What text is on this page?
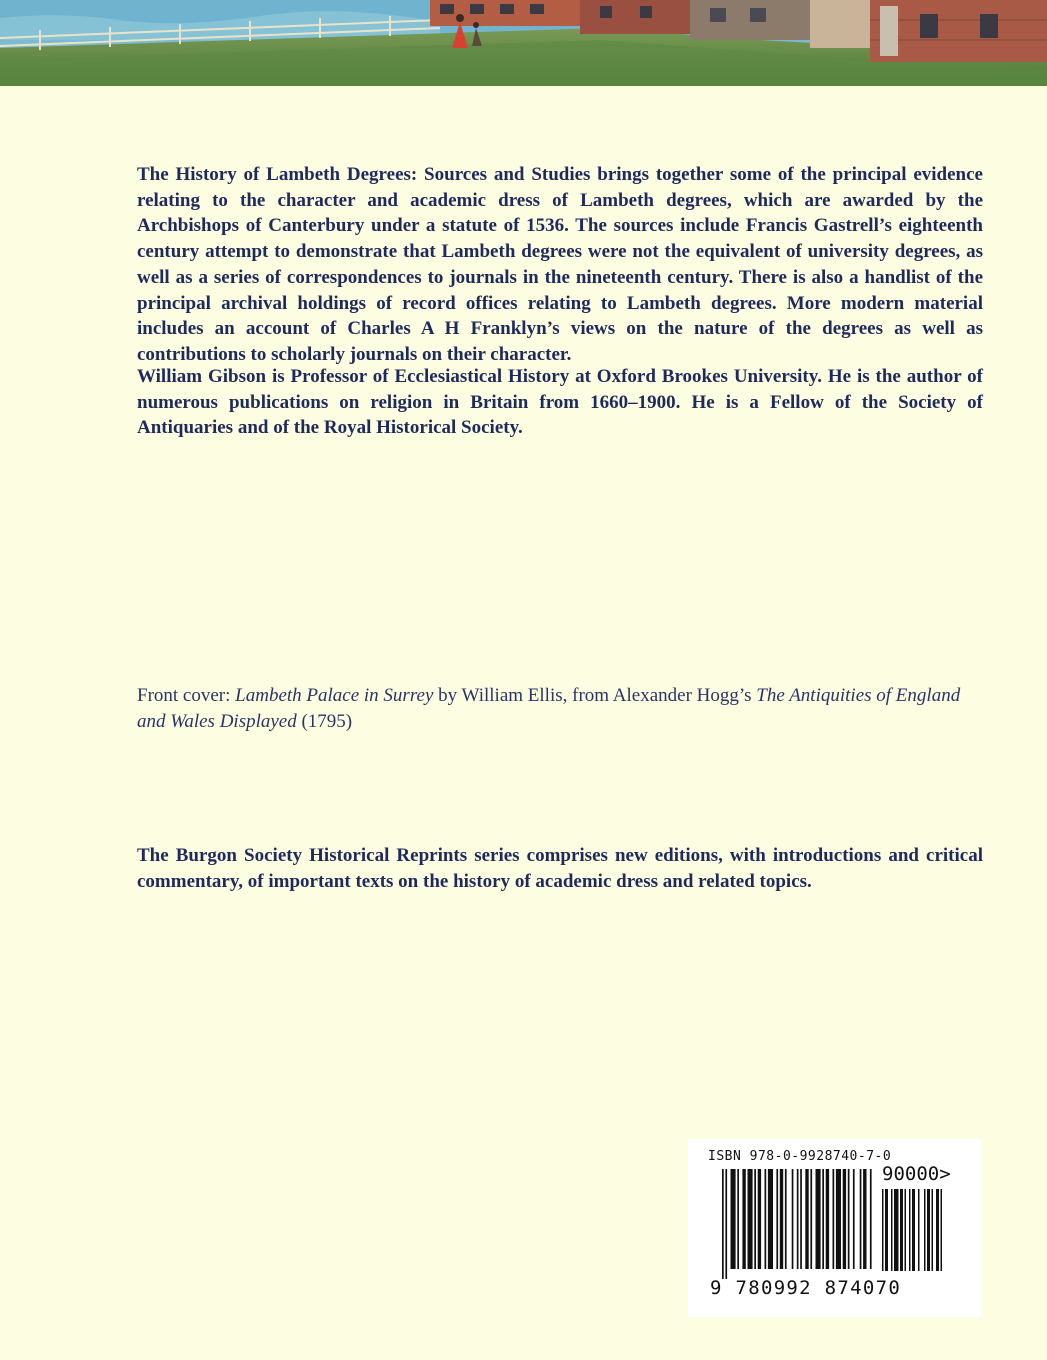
The History of Lambeth Degrees: Sources and Studies brings together some of the principal evidence relating to the character and academic dress of Lambeth degrees, which are awarded by the Archbishops of Canterbury under a statute of 1536. The sources include Francis Gastrell’s eighteenth century attempt to demonstrate that Lambeth degrees were not the equivalent of university degrees, as well as a series of correspondences to journals in the nineteenth century. There is also a handlist of the principal archival holdings of record offices relating to Lambeth degrees. More modern material includes an account of Charles A H Franklyn’s views on the nature of the degrees as well as contributions to scholarly journals on their character.

William Gibson is Professor of Ecclesiastical History at Oxford Brookes University. He is the author of numerous publications on religion in Britain from 1660–1900. He is a Fellow of the Society of Antiquaries and of the Royal Historical Society.

Front cover: Lambeth Palace in Surrey by William Ellis, from Alexander Hogg’s The Antiquities of England and Wales Displayed (1795)

The Burgon Society Historical Reprints series comprises new editions, with introductions and critical commentary, of important texts on the history of academic dress and related topics.

ISBN 978-0-9928740-7-0
90000>
9 780992 874070
